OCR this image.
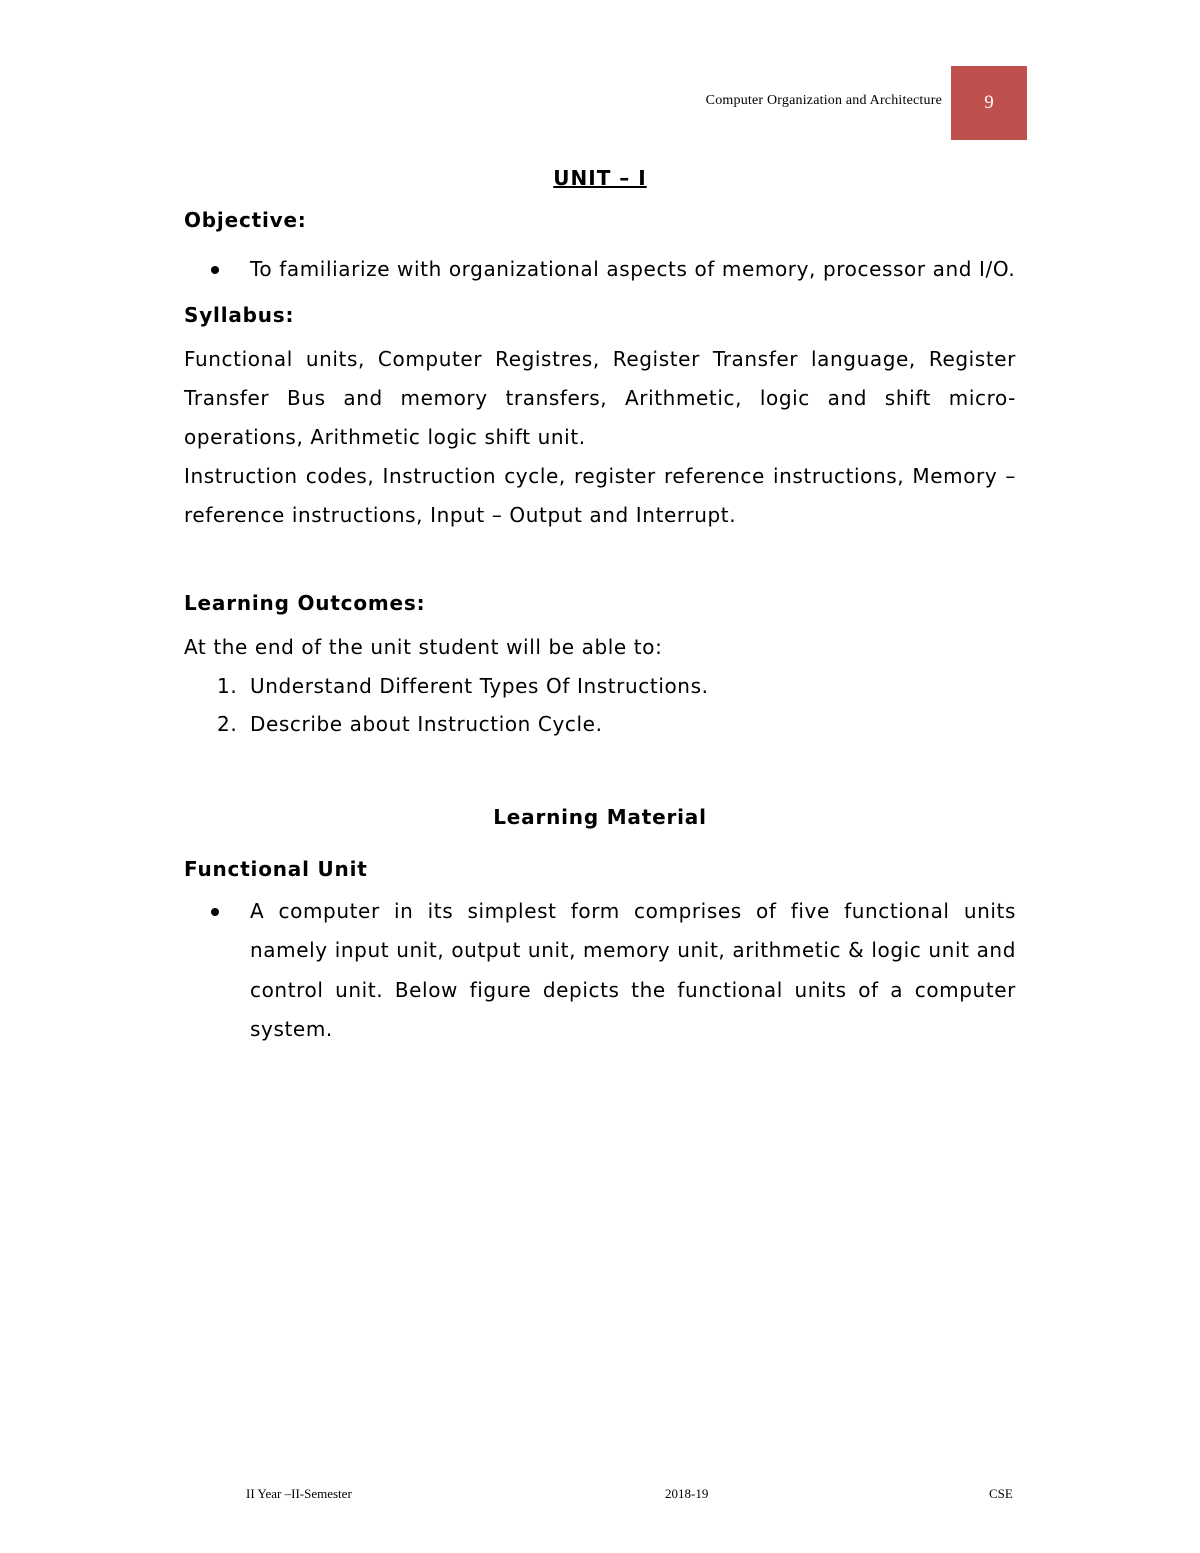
Computer Organization and Architecture	9
UNIT – I
Objective:
To familiarize with organizational aspects of memory, processor and I/O.
Syllabus:

Functional units, Computer Registres, Register Transfer language, Register Transfer Bus and memory transfers, Arithmetic, logic and shift micro-operations, Arithmetic logic shift unit.

Instruction codes, Instruction cycle, register reference instructions, Memory – reference instructions, Input – Output and Interrupt.

Learning Outcomes:

At the end of the unit student will be able to:

1. Understand Different Types Of Instructions.
2. Describe about Instruction Cycle.
Learning Material
Functional Unit
A computer in its simplest form comprises of five functional units namely input unit, output unit, memory unit, arithmetic & logic unit and control unit. Below figure depicts the functional units of a computer system.
II Year –II-Semester	2018-19	CSE
